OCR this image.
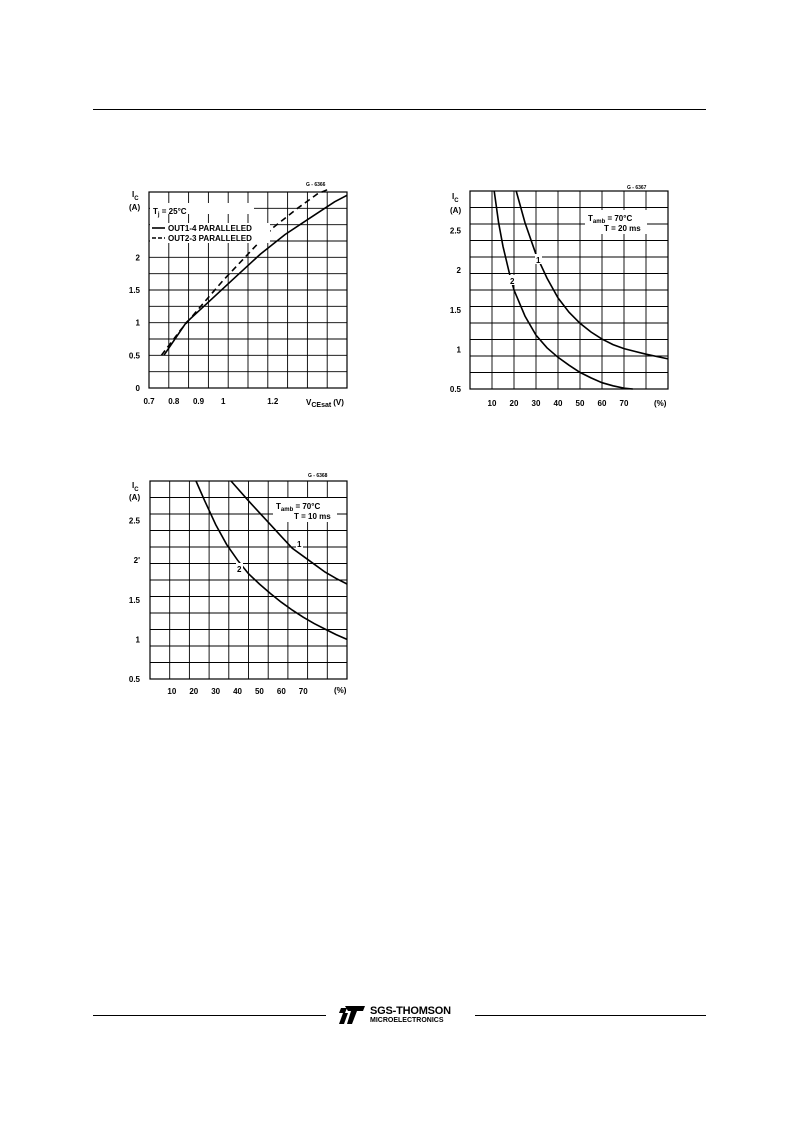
0.7 0.8 0.9 1	1.2
0
0.5
1
1.5
2
G - 6366
$I_C$
(A)
VCEsat (V)
$T_j = 25^\circ C$
OUT1-4 PARALLELED
OUT2-3 PARALLELED
10 20 30 40 50 60 70
0.5
1
1.5
2
2.5
G - 6367
$I_C$
(A)
(%)
$T_{amb} = 70^\circ C$
T = 20 ms
1
2
10 20 30 40 50 60 70
0.5
1
1.5
2'
2.5
G - 6368
$I_C$
(A)
(%)
$T_{amb} = 70^\circ C$
T = 10 ms
1
2
SGS-THOMSON
MICROELECTRONICS
